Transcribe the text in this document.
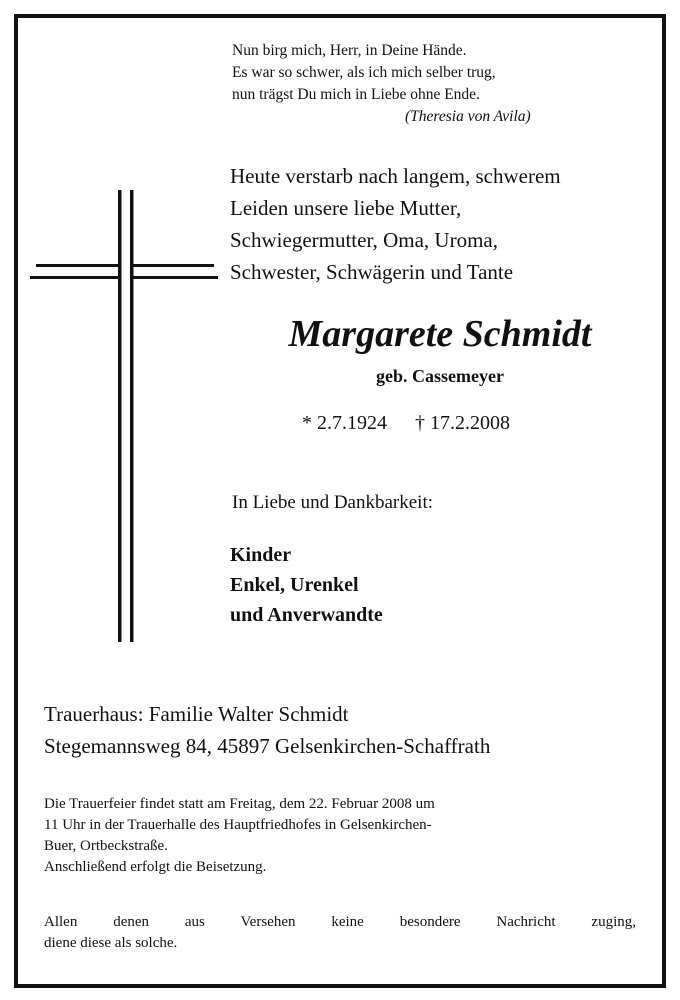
Nun birg mich, Herr, in Deine Hände.
Es war so schwer, als ich mich selber trug,
nun trägst Du mich in Liebe ohne Ende.
(Theresia von Avila)
Heute verstarb nach langem, schwerem
Leiden unsere liebe Mutter,
Schwiegermutter, Oma, Uroma,
Schwester, Schwägerin und Tante
Margarete Schmidt
geb. Cassemeyer
* 2.7.1924 † 17.2.2008
In Liebe und Dankbarkeit:
Kinder
Enkel, Urenkel
und Anverwandte
Trauerhaus: Familie Walter Schmidt
Stegemannsweg 84, 45897 Gelsenkirchen-Schaffrath
Die Trauerfeier findet statt am Freitag, dem 22. Februar 2008 um
11 Uhr in der Trauerhalle des Hauptfriedhofes in Gelsenkirchen-
Buer, Ortbeckstraße.
Anschließend erfolgt die Beisetzung.
Allen denen aus Versehen keine besondere Nachricht zuging,
diene diese als solche.
